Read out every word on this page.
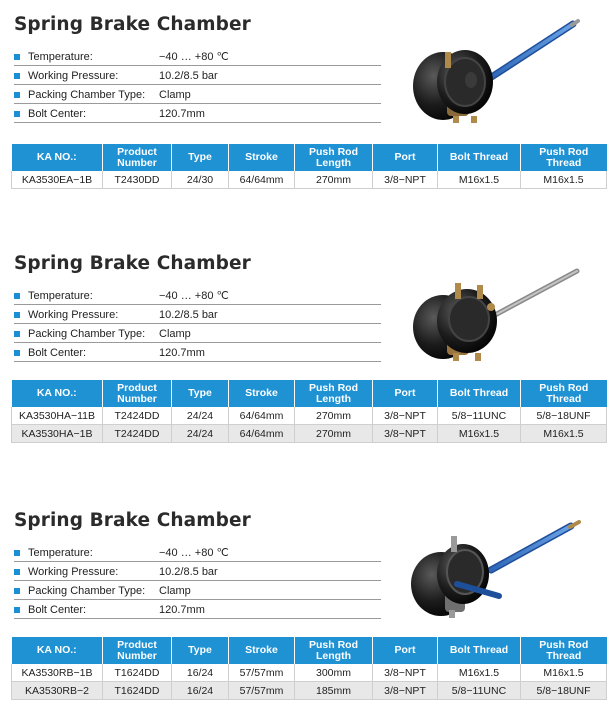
Spring Brake Chamber
Temperature:	−40 … +80 ℃
Working Pressure:	10.2/8.5 bar
Packing Chamber Type: Clamp
Bolt Center:	120.7mm
KA NO.:	Product Number	Type	Stroke	Push Rod Length	Port	Bolt Thread	Push Rod Thread
KA3530EA−1B	T2430DD	24/30	64/64mm	270mm	3/8−NPT	M16x1.5	M16x1.5
Spring Brake Chamber
Temperature:	−40 … +80 ℃
Working Pressure:	10.2/8.5 bar
Packing Chamber Type: Clamp
Bolt Center:	120.7mm
KA NO.:	Product Number	Type	Stroke	Push Rod Length	Port	Bolt Thread	Push Rod Thread
KA3530HA−11B	T2424DD	24/24	64/64mm	270mm	3/8−NPT	5/8−11UNC	5/8−18UNF
KA3530HA−1B	T2424DD	24/24	64/64mm	270mm	3/8−NPT	M16x1.5	M16x1.5
Spring Brake Chamber
Temperature:	−40 … +80 ℃
Working Pressure:	10.2/8.5 bar
Packing Chamber Type: Clamp
Bolt Center:	120.7mm
KA NO.:	Product Number	Type	Stroke	Push Rod Length	Port	Bolt Thread	Push Rod Thread
KA3530RB−1B	T1624DD	16/24	57/57mm	300mm	3/8−NPT	M16x1.5	M16x1.5
KA3530RB−2	T1624DD	16/24	57/57mm	185mm	3/8−NPT	5/8−11UNC	5/8−18UNF
